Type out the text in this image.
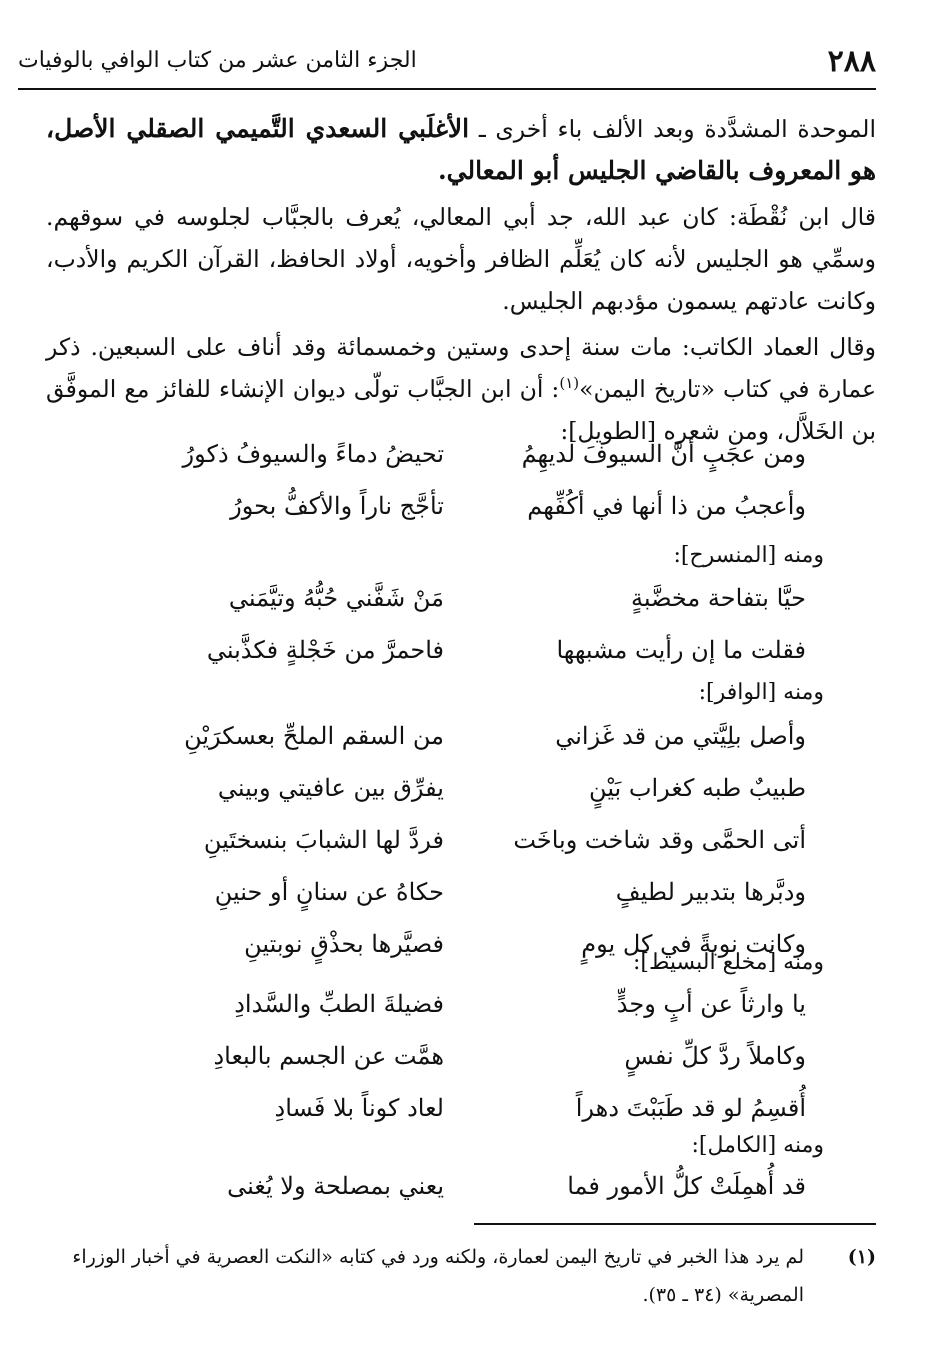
٢٨٨
الجزء الثامن عشر من كتاب الوافي بالوفيات

الموحدة المشدَّدة وبعد الألف باء أخرى ـ الأغلَبي السعدي التَّميمي الصقلي الأصل، هو المعروف بالقاضي الجليس أبو المعالي.

قال ابن نُقْطَة: كان عبد الله، جد أبي المعالي، يُعرف بالجبَّاب لجلوسه في سوقهم. وسمِّي هو الجليس لأنه كان يُعَلِّم الظافر وأخويه، أولاد الحافظ، القرآن الكريم والأدب، وكانت عادتهم يسمون مؤدبهم الجليس.

وقال العماد الكاتب: مات سنة إحدى وستين وخمسمائة وقد أناف على السبعين. ذكر عمارة في كتاب «تاريخ اليمن»$^{(١)}$: أن ابن الجبَّاب تولّى ديوان الإنشاء للفائز مع الموفَّق بن الخَلاَّل، ومن شعره [الطويل]:

ومن عجَبٍ أنَّ السيوفَ لديهِمُ
تحيضُ دماءً والسيوفُ ذكورُ
وأعجبُ من ذا أنها في أكُفِّهم
تأجَّج ناراً والأكفُّ بحورُ
ومنه [المنسرح]:
حيَّا بتفاحة مخضَّبةٍ
مَنْ شَفَّني حُبُّهُ وتيَّمَني
فقلت ما إن رأيت مشبهها
فاحمرَّ من خَجْلةٍ فكذَّبني
ومنه [الوافر]:
وأصل بلِيَّتي من قد غَزاني
من السقم الملحِّ بعسكرَيْنِ
طبيبٌ طبه كغراب بَيْنٍ
يفرِّق بين عافيتي وبيني
أتى الحمَّى وقد شاخت وباخَت
فردَّ لها الشبابَ بنسختَينِ
ودبَّرها بتدبير لطيفٍ
حكاهُ عن سنانٍ أو حنينِ
وكانت نوبةً في كل يومٍ
فصيَّرها بحذْقٍ نوبتينِ
ومنه [مخلع البسيط]:
يا وارثاً عن أبٍ وجدٍّ
فضيلةَ الطبِّ والسَّدادِ
وكاملاً ردَّ كلِّ نفسٍ
همَّت عن الجسم بالبعادِ
أُقسِمُ لو قد طَبَبْتَ دهراً
لعاد كوناً بلا فَسادِ
ومنه [الكامل]:
قد أُهمِلَتْ كلُّ الأمور فما
يعني بمصلحة ولا يُغنى
(١)
لم يرد هذا الخبر في تاريخ اليمن لعمارة، ولكنه ورد في كتابه «النكت العصرية في أخبار الوزراء المصرية» (٣٤ ـ ٣٥).
